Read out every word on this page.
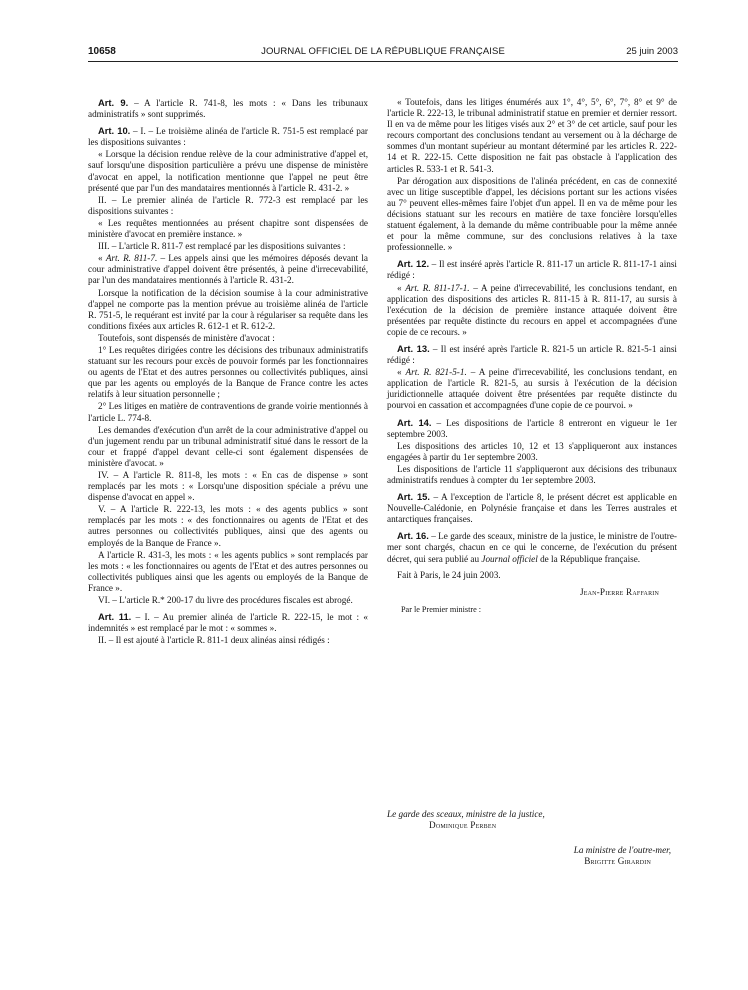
10658	JOURNAL OFFICIEL DE LA RÉPUBLIQUE FRANÇAISE	25 juin 2003

Art. 9. – A l'article R. 741-8, les mots : « Dans les tribunaux administratifs » sont supprimés.

Art. 10. – I. – Le troisième alinéa de l'article R. 751-5 est remplacé par les dispositions suivantes :

« Lorsque la décision rendue relève de la cour administrative d'appel et, sauf lorsqu'une disposition particulière a prévu une dispense de ministère d'avocat en appel, la notification mentionne que l'appel ne peut être présenté que par l'un des mandataires mentionnés à l'article R. 431-2. »

II. – Le premier alinéa de l'article R. 772-3 est remplacé par les dispositions suivantes :

« Les requêtes mentionnées au présent chapitre sont dispensées de ministère d'avocat en première instance. »

III. – L'article R. 811-7 est remplacé par les dispositions suivantes :

« Art. R. 811-7. – Les appels ainsi que les mémoires déposés devant la cour administrative d'appel doivent être présentés, à peine d'irrecevabilité, par l'un des mandataires mentionnés à l'article R. 431-2.

Lorsque la notification de la décision soumise à la cour administrative d'appel ne comporte pas la mention prévue au troisième alinéa de l'article R. 751-5, le requérant est invité par la cour à régulariser sa requête dans les conditions fixées aux articles R. 612-1 et R. 612-2.

Toutefois, sont dispensés de ministère d'avocat :

1° Les requêtes dirigées contre les décisions des tribunaux administratifs statuant sur les recours pour excès de pouvoir formés par les fonctionnaires ou agents de l'Etat et des autres personnes ou collectivités publiques, ainsi que par les agents ou employés de la Banque de France contre les actes relatifs à leur situation personnelle ;

2° Les litiges en matière de contraventions de grande voirie mentionnés à l'article L. 774-8.

Les demandes d'exécution d'un arrêt de la cour administrative d'appel ou d'un jugement rendu par un tribunal administratif situé dans le ressort de la cour et frappé d'appel devant celle-ci sont également dispensées de ministère d'avocat. »

IV. – A l'article R. 811-8, les mots : « En cas de dispense » sont remplacés par les mots : « Lorsqu'une disposition spéciale a prévu une dispense d'avocat en appel ».

V. – A l'article R. 222-13, les mots : « des agents publics » sont remplacés par les mots : « des fonctionnaires ou agents de l'Etat et des autres personnes ou collectivités publiques, ainsi que des agents ou employés de la Banque de France ».

A l'article R. 431-3, les mots : « les agents publics » sont remplacés par les mots : « les fonctionnaires ou agents de l'Etat et des autres personnes ou collectivités publiques ainsi que les agents ou employés de la Banque de France ».

VI. – L'article R.* 200-17 du livre des procédures fiscales est abrogé.

Art. 11. – I. – Au premier alinéa de l'article R. 222-15, le mot : « indemnités » est remplacé par le mot : « sommes ».

II. – Il est ajouté à l'article R. 811-1 deux alinéas ainsi rédigés :

« Toutefois, dans les litiges énumérés aux 1°, 4°, 5°, 6°, 7°, 8° et 9° de l'article R. 222-13, le tribunal administratif statue en premier et dernier ressort. Il en va de même pour les litiges visés aux 2° et 3° de cet article, sauf pour les recours comportant des conclusions tendant au versement ou à la décharge de sommes d'un montant supérieur au montant déterminé par les articles R. 222-14 et R. 222-15. Cette disposition ne fait pas obstacle à l'application des articles R. 533-1 et R. 541-3.

Par dérogation aux dispositions de l'alinéa précédent, en cas de connexité avec un litige susceptible d'appel, les décisions portant sur les actions visées au 7° peuvent elles-mêmes faire l'objet d'un appel. Il en va de même pour les décisions statuant sur les recours en matière de taxe foncière lorsqu'elles statuent également, à la demande du même contribuable pour la même année et pour la même commune, sur des conclusions relatives à la taxe professionnelle. »

Art. 12. – Il est inséré après l'article R. 811-17 un article R. 811-17-1 ainsi rédigé :

« Art. R. 811-17-1. – A peine d'irrecevabilité, les conclusions tendant, en application des dispositions des articles R. 811-15 à R. 811-17, au sursis à l'exécution de la décision de première instance attaquée doivent être présentées par requête distincte du recours en appel et accompagnées d'une copie de ce recours. »

Art. 13. – Il est inséré après l'article R. 821-5 un article R. 821-5-1 ainsi rédigé :

« Art. R. 821-5-1. – A peine d'irrecevabilité, les conclusions tendant, en application de l'article R. 821-5, au sursis à l'exécution de la décision juridictionnelle attaquée doivent être présentées par requête distincte du pourvoi en cassation et accompagnées d'une copie de ce pourvoi. »

Art. 14. – Les dispositions de l'article 8 entreront en vigueur le 1er septembre 2003.

Les dispositions des articles 10, 12 et 13 s'appliqueront aux instances engagées à partir du 1er septembre 2003.

Les dispositions de l'article 11 s'appliqueront aux décisions des tribunaux administratifs rendues à compter du 1er septembre 2003.

Art. 15. – A l'exception de l'article 8, le présent décret est applicable en Nouvelle-Calédonie, en Polynésie française et dans les Terres australes et antarctiques françaises.

Art. 16. – Le garde des sceaux, ministre de la justice, le ministre de l'outre-mer sont chargés, chacun en ce qui le concerne, de l'exécution du présent décret, qui sera publié au Journal officiel de la République française.

Fait à Paris, le 24 juin 2003.

Jean-Pierre Raffarin
Par le Premier ministre :
Le garde des sceaux, ministre de la justice,
Dominique Perben
La ministre de l'outre-mer,
Brigitte Girardin
